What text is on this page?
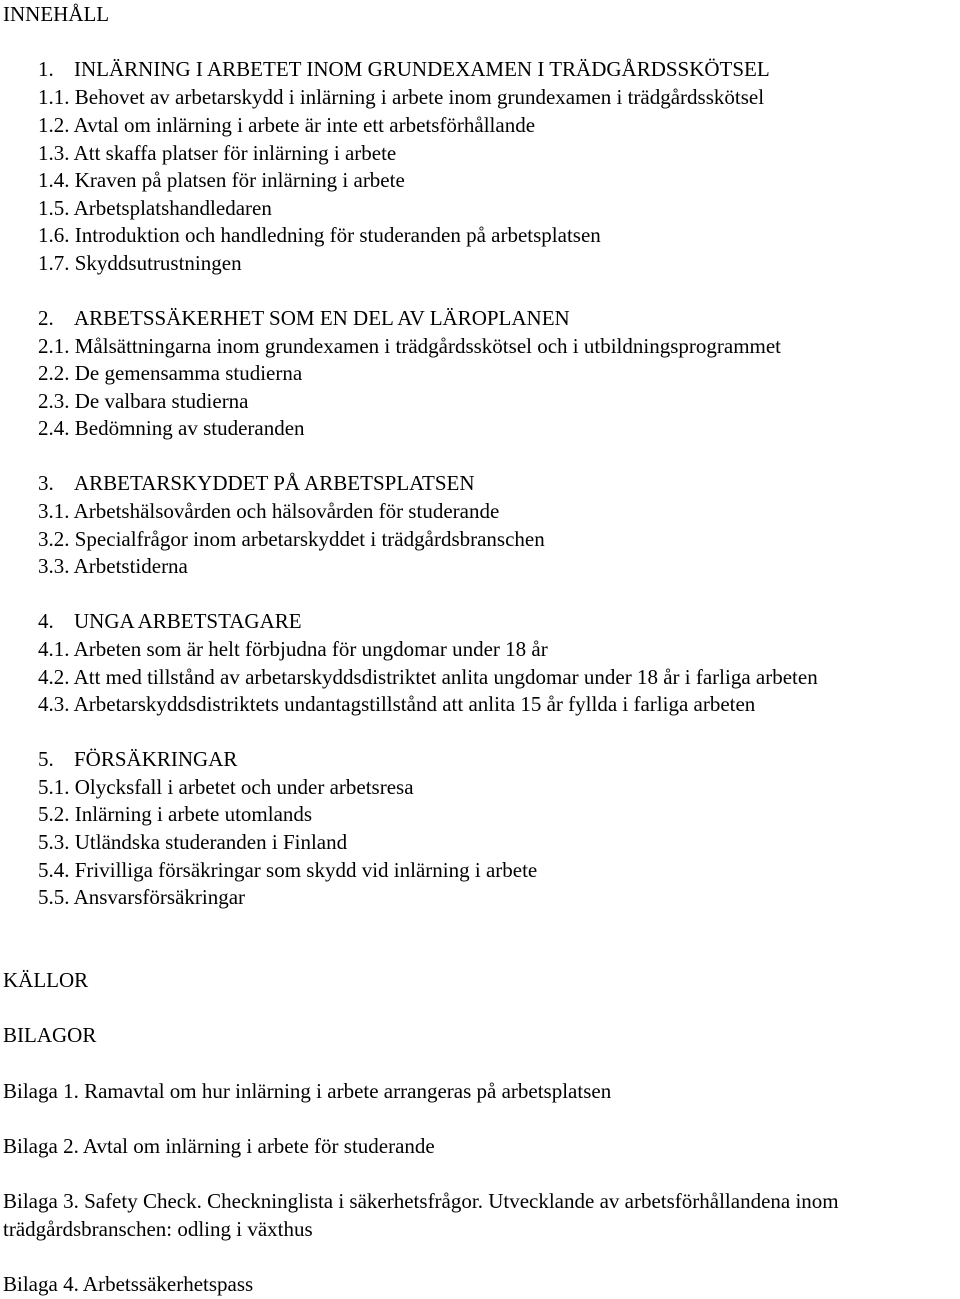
INNEHÅLL
1. INLÄRNING I ARBETET INOM GRUNDEXAMEN I TRÄDGÅRDSSKÖTSEL
1.1. Behovet av arbetarskydd i inlärning i arbete inom grundexamen i trädgårdsskötsel
1.2. Avtal om inlärning i arbete är inte ett arbetsförhållande
1.3. Att skaffa platser för inlärning i arbete
1.4. Kraven på platsen för inlärning i arbete
1.5. Arbetsplatshandledaren
1.6. Introduktion och handledning för studeranden på arbetsplatsen
1.7. Skyddsutrustningen
2. ARBETSSÄKERHET SOM EN DEL AV LÄROPLANEN
2.1. Målsättningarna inom grundexamen i trädgårdsskötsel och i utbildningsprogrammet
2.2. De gemensamma studierna
2.3. De valbara studierna
2.4. Bedömning av studeranden
3. ARBETARSKYDDET PÅ ARBETSPLATSEN
3.1. Arbetshälsovården och hälsovården för studerande
3.2. Specialfrågor inom arbetarskyddet i trädgårdsbranschen
3.3. Arbetstiderna
4. UNGA ARBETSTAGARE
4.1. Arbeten som är helt förbjudna för ungdomar under 18 år
4.2. Att med tillstånd av arbetarskyddsdistriktet anlita ungdomar under 18 år i farliga arbeten
4.3. Arbetarskyddsdistriktets undantagstillstånd att anlita 15 år fyllda i farliga arbeten
5. FÖRSÄKRINGAR
5.1. Olycksfall i arbetet och under arbetsresa
5.2. Inlärning i arbete utomlands
5.3. Utländska studeranden i Finland
5.4. Frivilliga försäkringar som skydd vid inlärning i arbete
5.5. Ansvarsförsäkringar
KÄLLOR
BILAGOR
Bilaga 1. Ramavtal om hur inlärning i arbete arrangeras på arbetsplatsen
Bilaga 2. Avtal om inlärning i arbete för studerande
Bilaga 3. Safety Check. Checkninglista i säkerhetsfrågor. Utvecklande av arbetsförhållandena inom
trädgårdsbranschen: odling i växthus
Bilaga 4. Arbetssäkerhetspass
